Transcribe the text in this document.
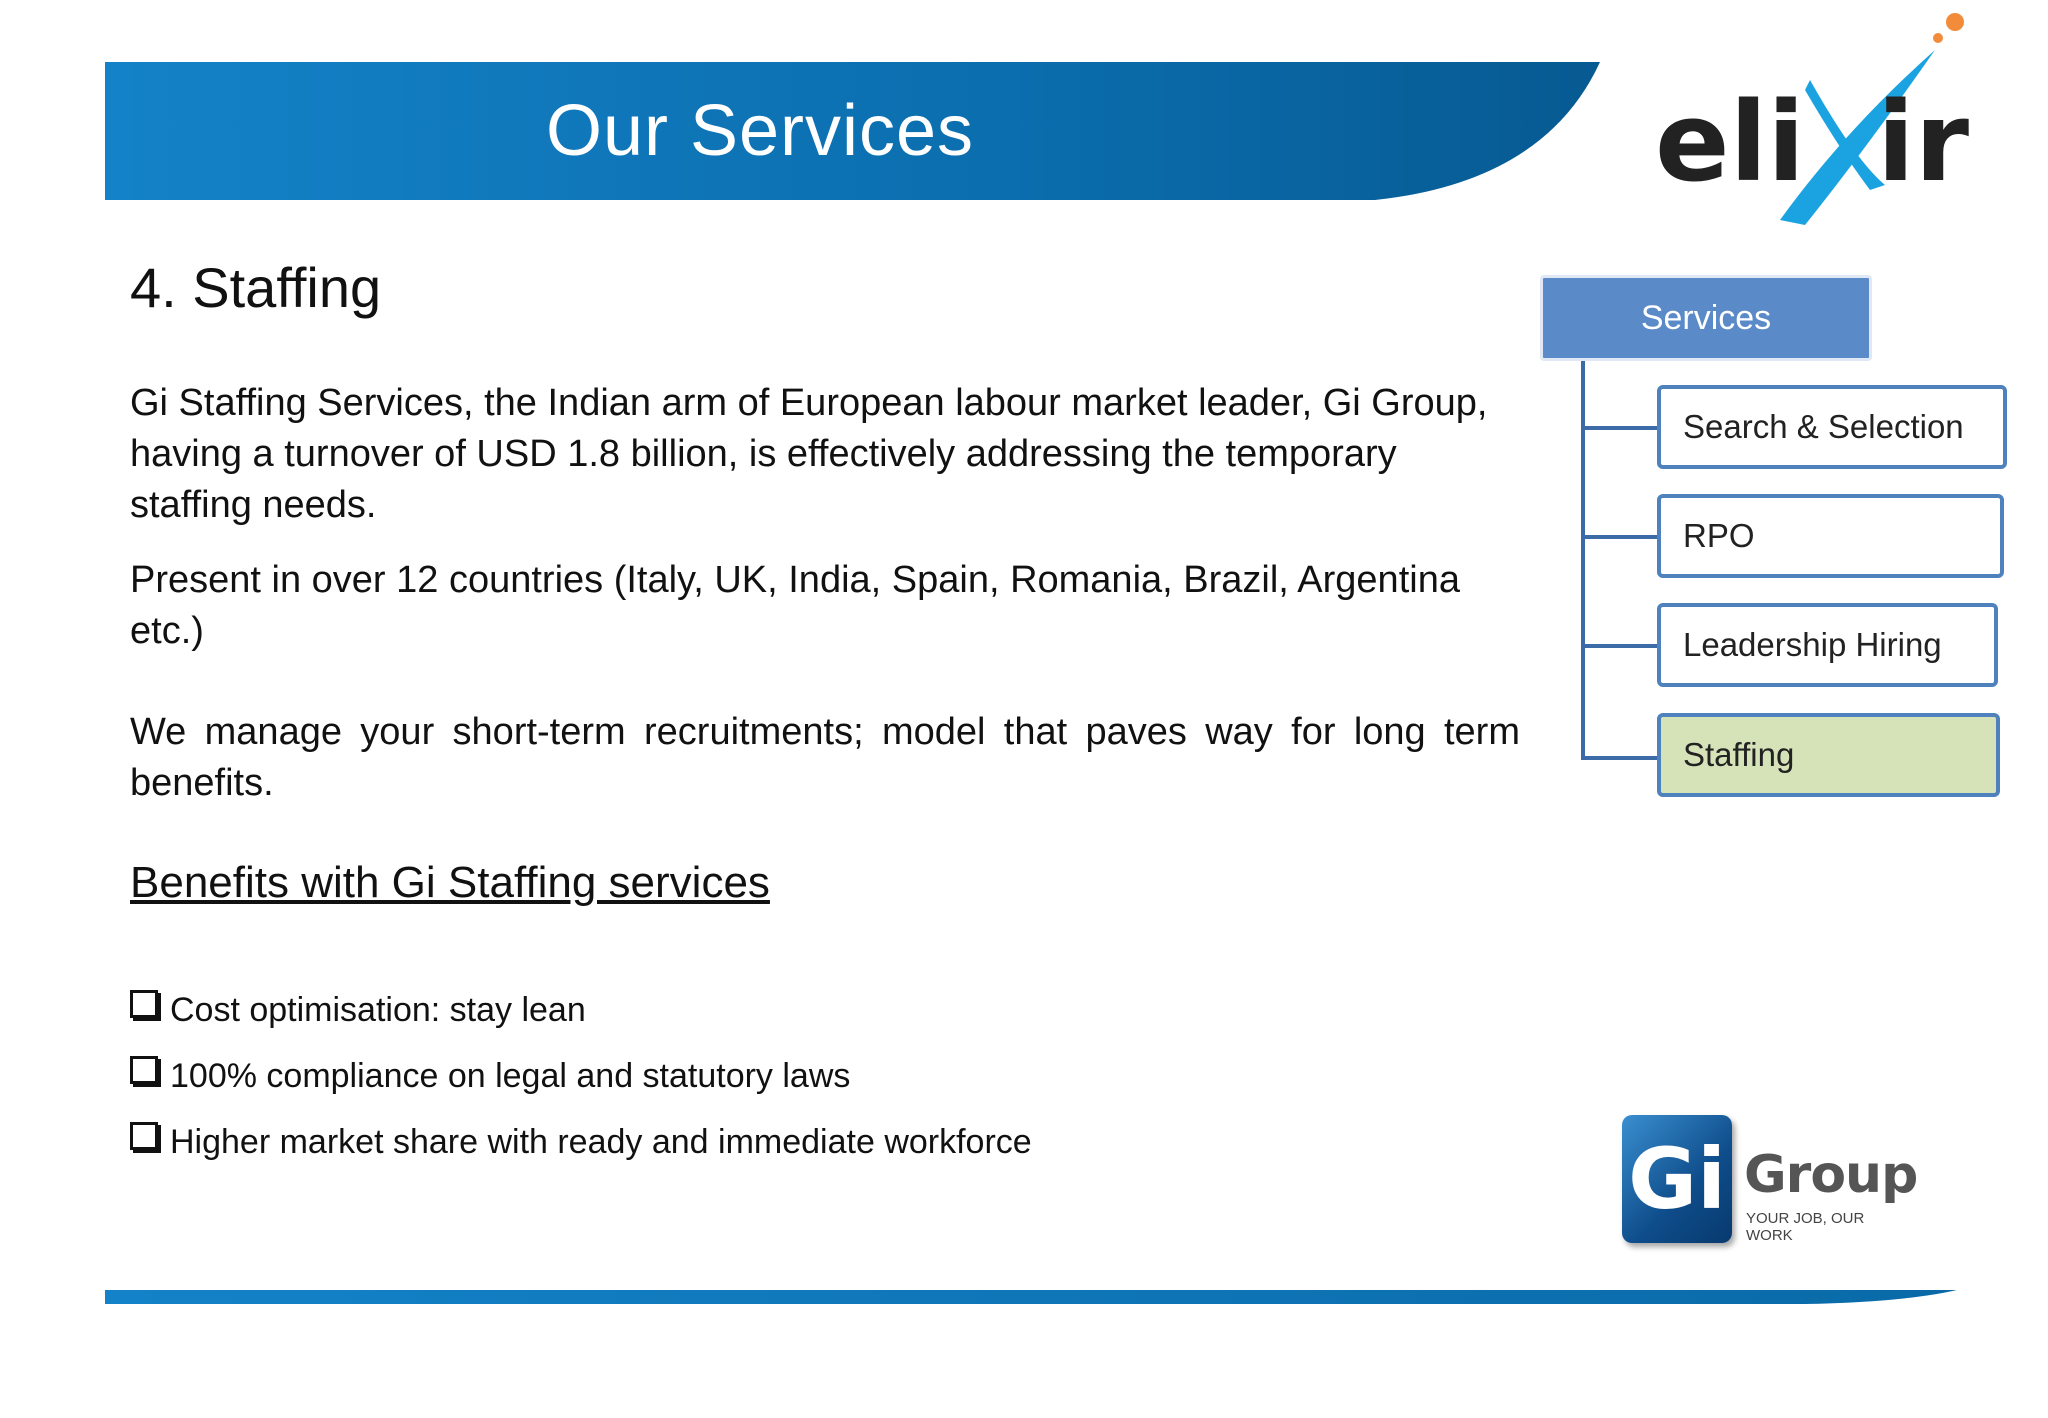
Our Services	eli ir
4. Staffing
Gi Staffing Services, the Indian arm of European labour market leader, Gi Group, having a turnover of USD 1.8 billion, is effectively addressing the temporary staffing needs.
Present in over 12 countries (Italy, UK, India, Spain, Romania, Brazil, Argentina etc.)
We manage your short-term recruitments; model that paves way for long term benefits.
Benefits with Gi Staffing services
Cost optimisation: stay lean
100% compliance on legal and statutory laws
Higher market share with ready and immediate workforce
Services
Search & Selection
RPO
Leadership Hiring
Staffing
Gi Group
YOUR JOB, OUR WORK
